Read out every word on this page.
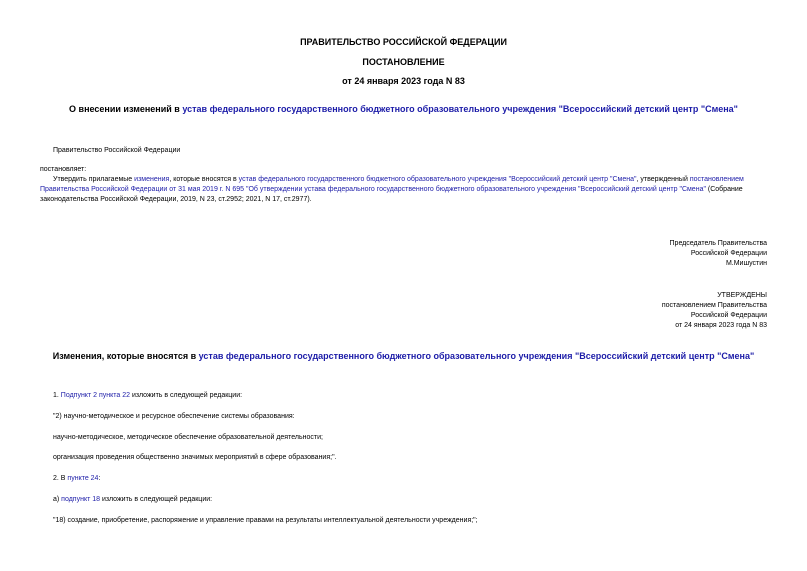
ПРАВИТЕЛЬСТВО РОССИЙСКОЙ ФЕДЕРАЦИИ
ПОСТАНОВЛЕНИЕ
от 24 января 2023 года N 83
О внесении изменений в устав федерального государственного бюджетного образовательного учреждения "Всероссийский детский центр "Смена"
Правительство Российской Федерации
постановляет:
Утвердить прилагаемые изменения, которые вносятся в устав федерального государственного бюджетного образовательного учреждения "Всероссийский детский центр "Смена", утвержденный постановлением Правительства Российской Федерации от 31 мая 2019 г. N 695 "Об утверждении устава федерального государственного бюджетного образовательного учреждения "Всероссийский детский центр "Смена" (Собрание законодательства Российской Федерации, 2019, N 23, ст.2952; 2021, N 17, ст.2977).
Председатель Правительства
Российской Федерации
М.Мишустин
УТВЕРЖДЕНЫ
постановлением Правительства
Российской Федерации
от 24 января 2023 года N 83
Изменения, которые вносятся в устав федерального государственного бюджетного образовательного учреждения "Всероссийский детский центр "Смена"
1. Подпункт 2 пункта 22 изложить в следующей редакции:
"2) научно-методическое и ресурсное обеспечение системы образования:
научно-методическое, методическое обеспечение образовательной деятельности;
организация проведения общественно значимых мероприятий в сфере образования;".
2. В пункте 24:
а) подпункт 18 изложить в следующей редакции:
"18) создание, приобретение, распоряжение и управление правами на результаты интеллектуальной деятельности учреждения;";
